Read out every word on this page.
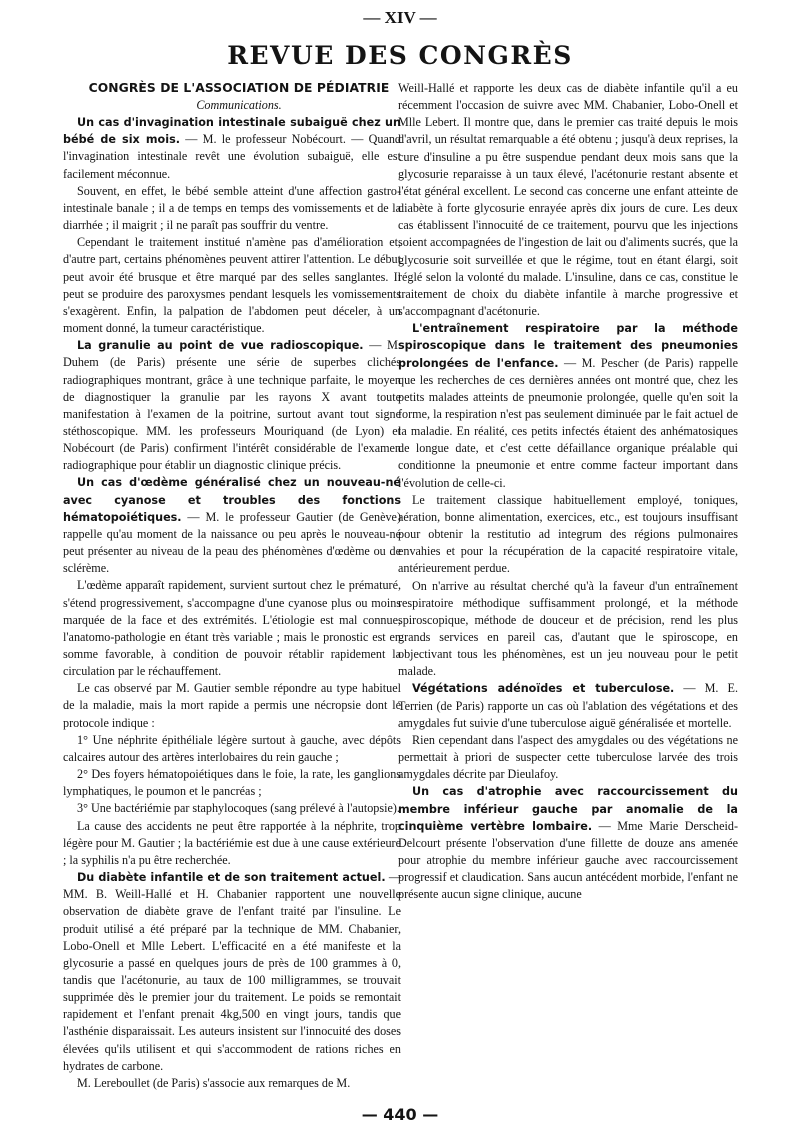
— XIV —
REVUE DES CONGRÈS

CONGRÈS DE L'ASSOCIATION DE PÉDIATRIE

Communications.

Un cas d'invagination intestinale subaiguë chez un bébé de six mois. — M. le professeur Nobécourt. — Quand l'invagination intestinale revêt une évolution subaiguë, elle est facilement méconnue.

Souvent, en effet, le bébé semble atteint d'une affection gastro-intestinale banale ; il a de temps en temps des vomissements et de la diarrhée ; il maigrit ; il ne paraît pas souffrir du ventre.

Cependant le traitement institué n'amène pas d'amélioration et, d'autre part, certains phénomènes peuvent attirer l'attention. Le début peut avoir été brusque et être marqué par des selles sanglantes. Il peut se produire des paroxysmes pendant lesquels les vomissements s'exagèrent. Enfin, la palpation de l'abdomen peut déceler, à un moment donné, la tumeur caractéristique.

La granulie au point de vue radioscopique. — M. Duhem (de Paris) présente une série de superbes clichés radiographiques montrant, grâce à une technique parfaite, le moyen de diagnostiquer la granulie par les rayons X avant toute manifestation à l'examen de la poitrine, surtout avant tout signe stéthoscopique. MM. les professeurs Mouriquand (de Lyon) et Nobécourt (de Paris) confirment l'intérêt considérable de l'examen radiographique pour établir un diagnostic clinique précis.

Un cas d'œdème généralisé chez un nouveau-né avec cyanose et troubles des fonctions hématopoiétiques. — M. le professeur Gautier (de Genève) rappelle qu'au moment de la naissance ou peu après le nouveau-né peut présenter au niveau de la peau des phénomènes d'œdème ou de sclérème.

L'œdème apparaît rapidement, survient surtout chez le prématuré, s'étend progressivement, s'accompagne d'une cyanose plus ou moins marquée de la face et des extrémités. L'étiologie est mal connue, l'anatomo-pathologie en étant très variable ; mais le pronostic est en somme favorable, à condition de pouvoir rétablir rapidement la circulation par le réchauffement.

Le cas observé par M. Gautier semble répondre au type habituel de la maladie, mais la mort rapide a permis une nécropsie dont le protocole indique :

1° Une néphrite épithéliale légère surtout à gauche, avec dépôts calcaires autour des artères interlobaires du rein gauche ;

2° Des foyers hématopoiétiques dans le foie, la rate, les ganglions lymphatiques, le poumon et le pancréas ;

3° Une bactériémie par staphylocoques (sang prélevé à l'autopsie).

La cause des accidents ne peut être rapportée à la néphrite, trop légère pour M. Gautier ; la bactériémie est due à une cause extérieure ; la syphilis n'a pu être recherchée.

Du diabète infantile et de son traitement actuel. — MM. B. Weill-Hallé et H. Chabanier rapportent une nouvelle observation de diabète grave de l'enfant traité par l'insuline. Le produit utilisé a été préparé par la technique de MM. Chabanier, Lobo-Onell et Mlle Lebert. L'efficacité en a été manifeste et la glycosurie a passé en quelques jours de près de 100 grammes à 0, tandis que l'acétonurie, au taux de 100 milligrammes, se trouvait supprimée dès le premier jour du traitement. Le poids se remontait rapidement et l'enfant prenait 4kg,500 en vingt jours, tandis que l'asthénie disparaissait. Les auteurs insistent sur l'innocuité des doses élevées qu'ils utilisent et qui s'accommodent de rations riches en hydrates de carbone.

M. Lereboullet (de Paris) s'associe aux remarques de M.

Weill-Hallé et rapporte les deux cas de diabète infantile qu'il a eu récemment l'occasion de suivre avec MM. Chabanier, Lobo-Onell et Mlle Lebert. Il montre que, dans le premier cas traité depuis le mois d'avril, un résultat remarquable a été obtenu ; jusqu'à deux reprises, la cure d'insuline a pu être suspendue pendant deux mois sans que la glycosurie reparaisse à un taux élevé, l'acétonurie restant absente et l'état général excellent. Le second cas concerne une enfant atteinte de diabète à forte glycosurie enrayée après dix jours de cure. Les deux cas établissent l'innocuité de ce traitement, pourvu que les injections soient accompagnées de l'ingestion de lait ou d'aliments sucrés, que la glycosurie soit surveillée et que le régime, tout en étant élargi, soit réglé selon la volonté du malade. L'insuline, dans ce cas, constitue le traitement de choix du diabète infantile à marche progressive et s'accompagnant d'acétonurie.

L'entraînement respiratoire par la méthode spiroscopique dans le traitement des pneumonies prolongées de l'enfance. — M. Pescher (de Paris) rappelle que les recherches de ces dernières années ont montré que, chez les petits malades atteints de pneumonie prolongée, quelle qu'en soit la forme, la respiration n'est pas seulement diminuée par le fait actuel de la maladie. En réalité, ces petits infectés étaient des anhématosiques de longue date, et c'est cette défaillance organique préalable qui conditionne la pneumonie et entre comme facteur important dans l'évolution de celle-ci.

Le traitement classique habituellement employé, toniques, aération, bonne alimentation, exercices, etc., est toujours insuffisant pour obtenir la restitutio ad integrum des régions pulmonaires envahies et pour la récupération de la capacité respiratoire vitale, antérieurement perdue.

On n'arrive au résultat cherché qu'à la faveur d'un entraînement respiratoire méthodique suffisamment prolongé, et la méthode spiroscopique, méthode de douceur et de précision, rend les plus grands services en pareil cas, d'autant que le spiroscope, en objectivant tous les phénomènes, est un jeu nouveau pour le petit malade.

Végétations adénoïdes et tuberculose. — M. E. Terrien (de Paris) rapporte un cas où l'ablation des végétations et des amygdales fut suivie d'une tuberculose aiguë généralisée et mortelle.

Rien cependant dans l'aspect des amygdales ou des végétations ne permettait à priori de suspecter cette tuberculose larvée des trois amygdales décrite par Dieulafoy.

Un cas d'atrophie avec raccourcissement du membre inférieur gauche par anomalie de la cinquième vertèbre lombaire. — Mme Marie Derscheid-Delcourt présente l'observation d'une fillette de douze ans amenée pour atrophie du membre inférieur gauche avec raccourcissement progressif et claudication. Sans aucun antécédent morbide, l'enfant ne présente aucun signe clinique, aucune

— 440 —
